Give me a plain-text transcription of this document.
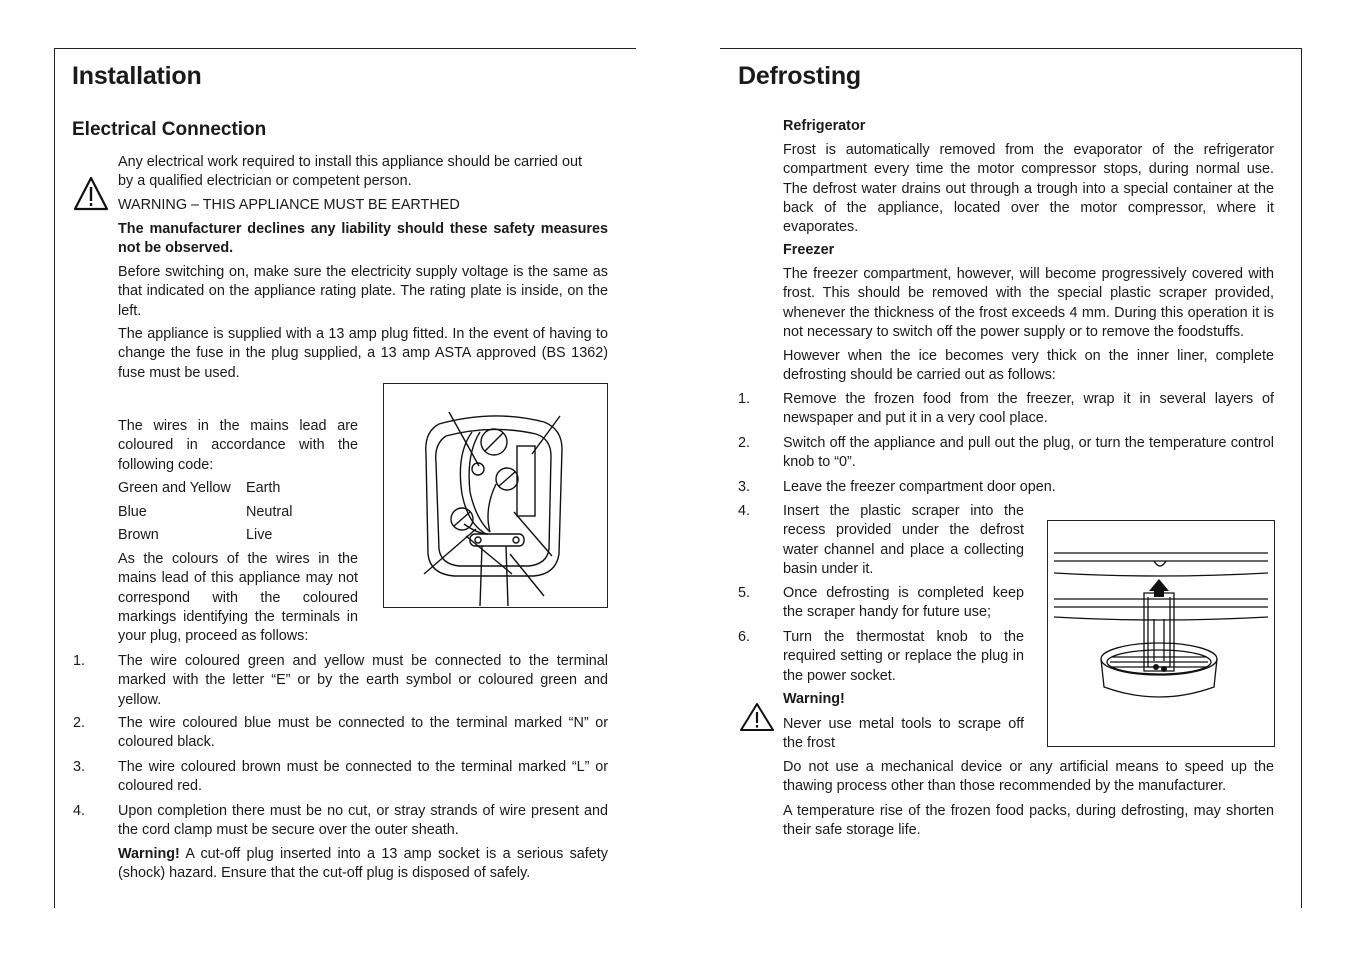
Installation
Electrical Connection
Any electrical work required to install this appliance should be carried out by a qualified electrician or competent person.
WARNING – THIS APPLIANCE MUST BE EARTHED
The manufacturer declines any liability should these safety measures not be observed.
Before switching on, make sure the electricity supply voltage is the same as that indicated on the appliance rating plate. The rating plate is inside, on the left.
The appliance is supplied with a 13 amp plug fitted. In the event of having to change the fuse in the plug supplied, a 13 amp ASTA approved (BS 1362) fuse must be used.
The wires in the mains lead are coloured in accordance with the following code:
Green and Yellow Earth
Blue	Neutral
Brown	Live
As the colours of the wires in the mains lead of this appliance may not correspond with the coloured markings identifying the terminals in your plug, proceed as follows:
1. The wire coloured green and yellow must be connected to the terminal marked with the letter “E” or by the earth symbol or coloured green and yellow.
2. The wire coloured blue must be connected to the terminal marked “N” or coloured black.
3. The wire coloured brown must be connected to the terminal marked “L” or coloured red.
4. Upon completion there must be no cut, or stray strands of wire present and the cord clamp must be secure over the outer sheath.
Warning! A cut-off plug inserted into a 13 amp socket is a serious safety (shock) hazard. Ensure that the cut-off plug is disposed of safely.
Defrosting
Refrigerator
Frost is automatically removed from the evaporator of the refrigerator compartment every time the motor compressor stops, during normal use. The defrost water drains out through a trough into a special container at the back of the appliance, located over the motor compressor, where it evaporates.
Freezer
The freezer compartment, however, will become progressively covered with frost. This should be removed with the special plastic scraper provided, whenever the thickness of the frost exceeds 4 mm. During this operation it is not necessary to switch off the power supply or to remove the foodstuffs.
However when the ice becomes very thick on the inner liner, complete defrosting should be carried out as follows:
1. Remove the frozen food from the freezer, wrap it in several layers of newspaper and put it in a very cool place.
2. Switch off the appliance and pull out the plug, or turn the temperature control knob to “0”.
3. Leave the freezer compartment door open.
4. Insert the plastic scraper into the recess provided under the defrost water channel and place a collecting basin under it.
5. Once defrosting is completed keep the scraper handy for future use;
6. Turn the thermostat knob to the required setting or replace the plug in the power socket.
Warning!
Never use metal tools to scrape off the frost
Do not use a mechanical device or any artificial means to speed up the thawing process other than those recommended by the manufacturer.
A temperature rise of the frozen food packs, during defrosting, may shorten their safe storage life.
